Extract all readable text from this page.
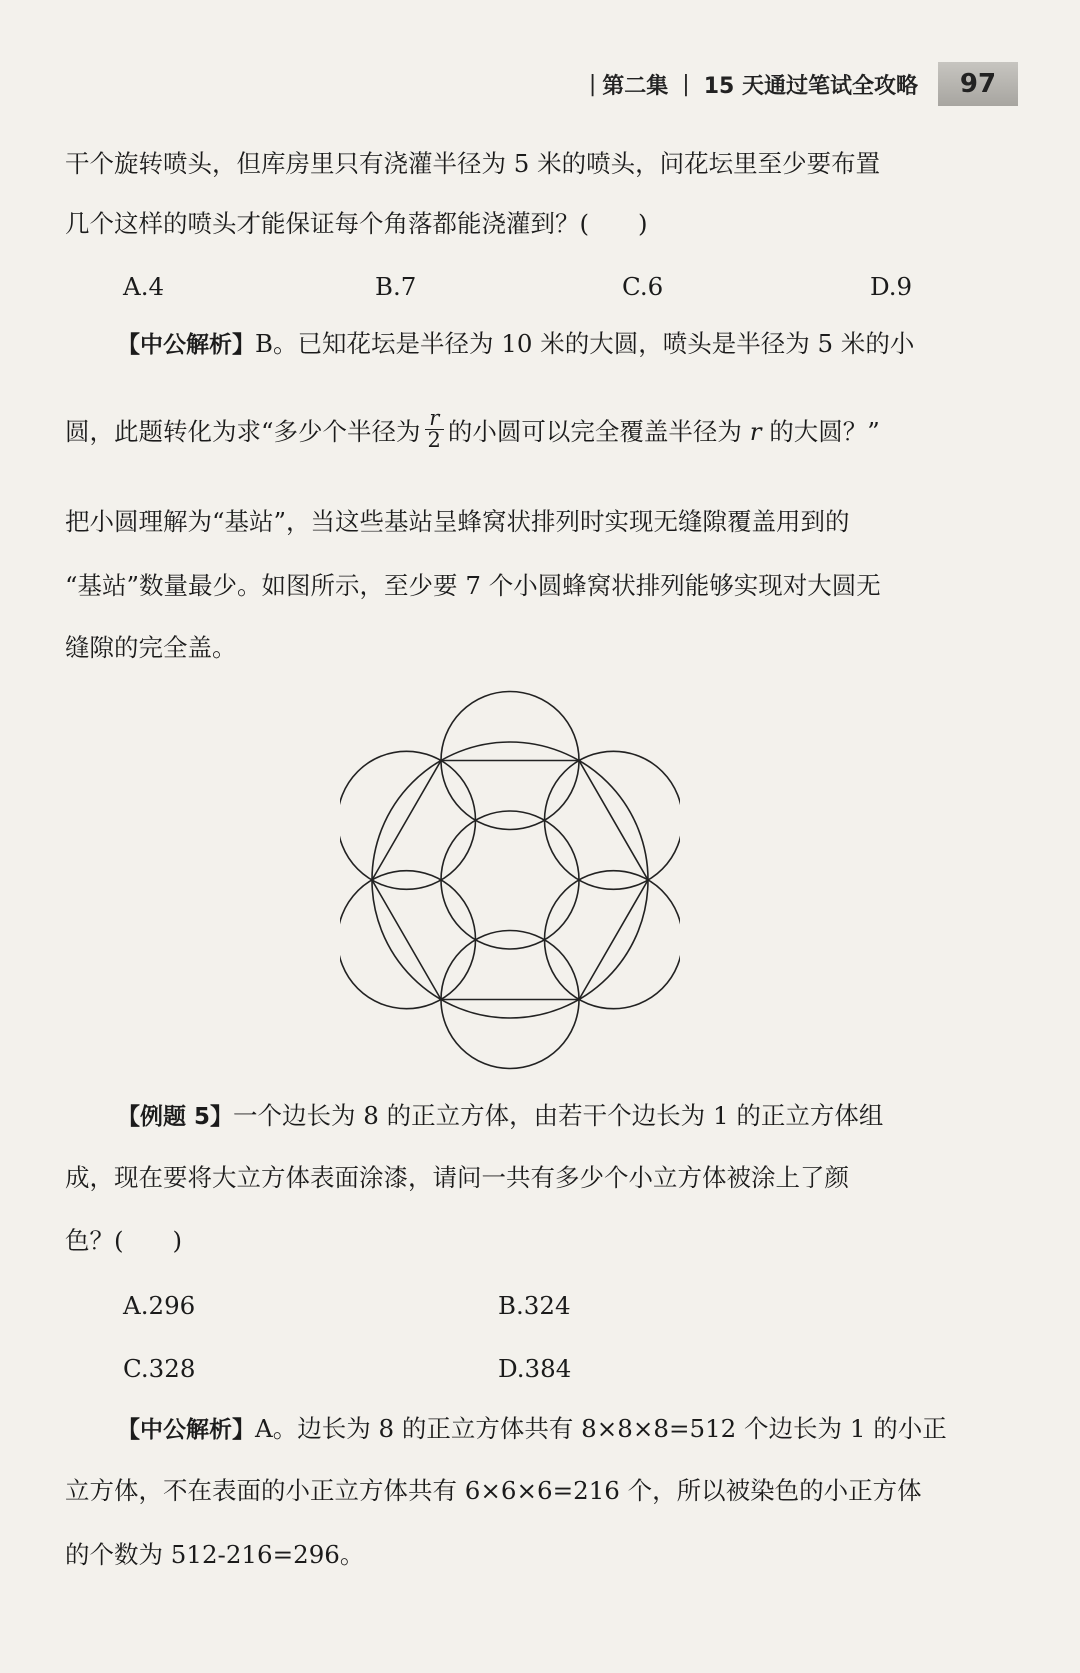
| 第二集 | 15 天通过笔试全攻略	97
干个旋转喷头，但库房里只有浇灌半径为 5 米的喷头，问花坛里至少要布置
几个这样的喷头才能保证每个角落都能浇灌到？(　　)
A.4	B.7	C.6	D.9
【中公解析】B。已知花坛是半径为 10 米的大圆，喷头是半径为 5 米的小
圆，此题转化为求“多少个半径为 $\frac{r}{2}$ 的小圆可以完全覆盖半径为 r 的大圆？”
把小圆理解为“基站”，当这些基站呈蜂窝状排列时实现无缝隙覆盖用到的
“基站”数量最少。如图所示，至少要 7 个小圆蜂窝状排列能够实现对大圆无
缝隙的完全盖。
【例题 5】一个边长为 8 的正立方体，由若干个边长为 1 的正立方体组
成，现在要将大立方体表面涂漆，请问一共有多少个小立方体被涂上了颜
色？(　　)
A.296	B.324
C.328	D.384
【中公解析】A。边长为 8 的正立方体共有 8×8×8=512 个边长为 1 的小正
立方体，不在表面的小正立方体共有 6×6×6=216 个，所以被染色的小正方体
的个数为 512-216=296。
